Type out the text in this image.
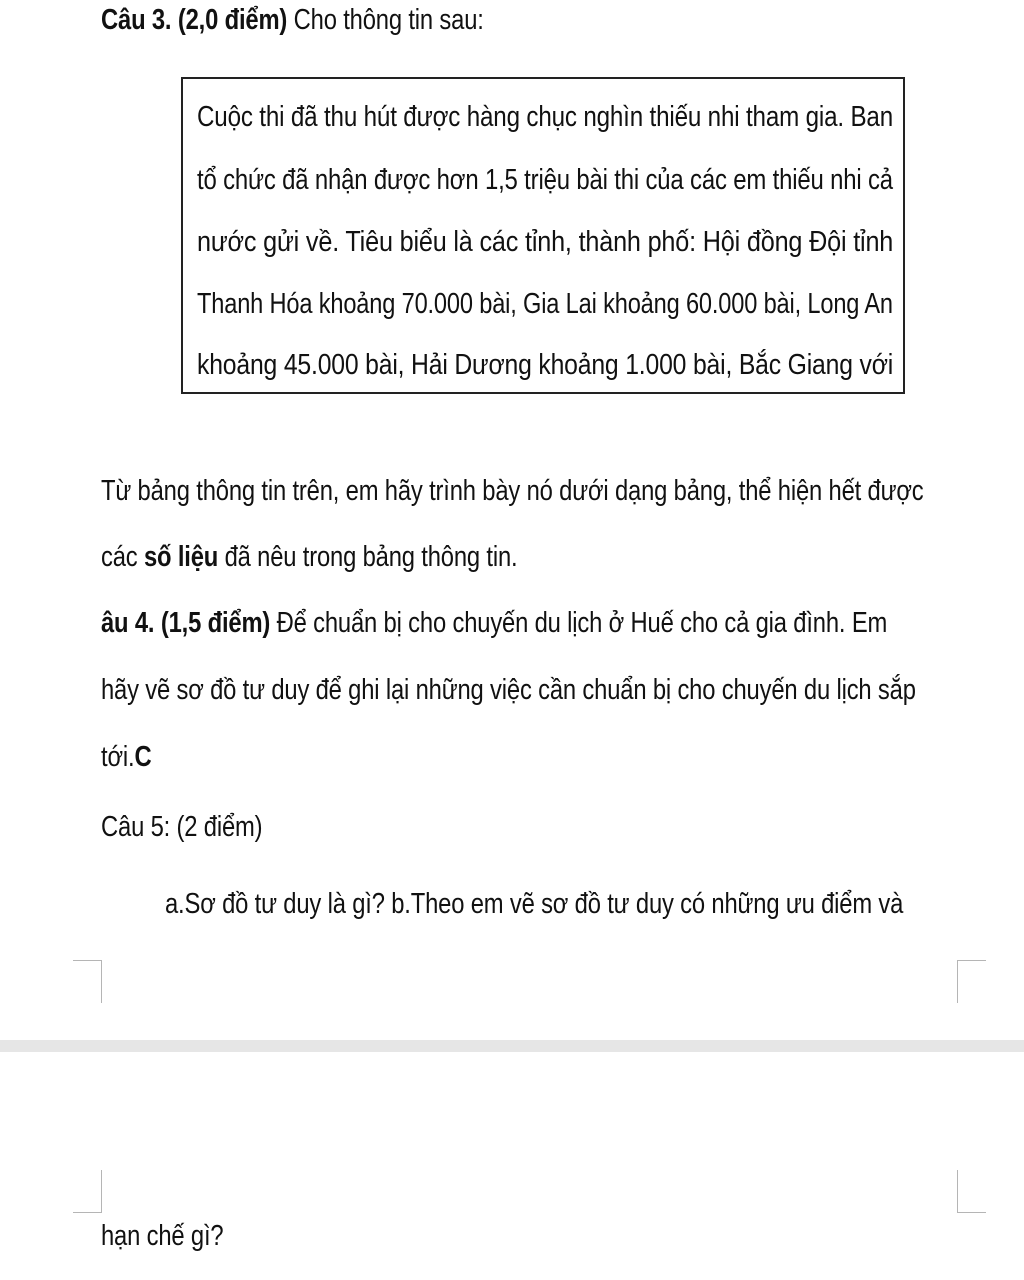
Câu 3. (2,0 điểm) Cho thông tin sau:
Cuộc thi đã thu hút được hàng chục nghìn thiếu nhi tham gia. Ban
tổ chức đã nhận được hơn 1,5 triệu bài thi của các em thiếu nhi cả
nước gửi về. Tiêu biểu là các tỉnh, thành phố: Hội đồng Đội tỉnh
Thanh Hóa khoảng 70.000 bài, Gia Lai khoảng 60.000 bài, Long An
khoảng 45.000 bài, Hải Dương khoảng 1.000 bài, Bắc Giang với
Từ bảng thông tin trên, em hãy trình bày nó dưới dạng bảng, thể hiện hết được
các số liệu đã nêu trong bảng thông tin.
âu 4. (1,5 điểm) Để chuẩn bị cho chuyến du lịch ở Huế cho cả gia đình. Em
hãy vẽ sơ đồ tư duy để ghi lại những việc cần chuẩn bị cho chuyến du lịch sắp
tới.C
Câu 5: (2 điểm)
a.Sơ đồ tư duy là gì? b.Theo em vẽ sơ đồ tư duy có những ưu điểm và
hạn chế gì?
